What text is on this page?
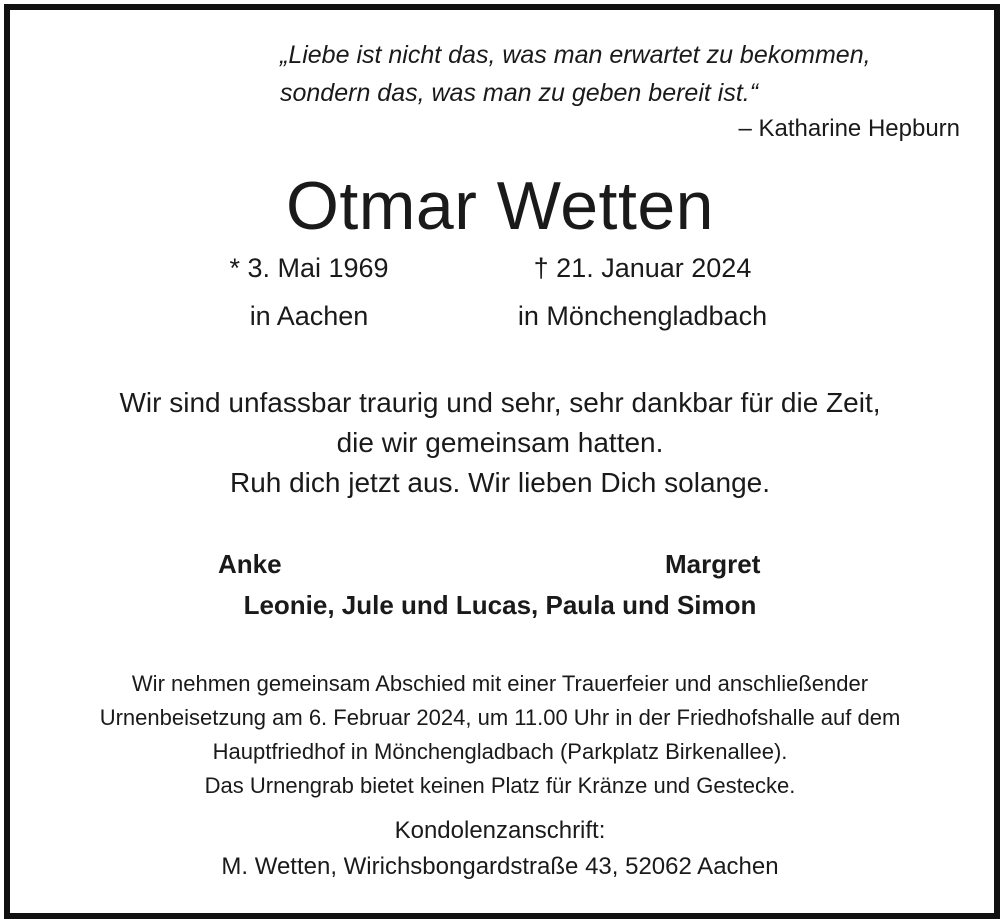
„Liebe ist nicht das, was man erwartet zu bekommen,
sondern das, was man zu geben bereit ist.“
– Katharine Hepburn
Otmar Wetten
* 3. Mai 1969
in Aachen
† 21. Januar 2024
in Mönchengladbach
Wir sind unfassbar traurig und sehr, sehr dankbar für die Zeit,
die wir gemeinsam hatten.
Ruh dich jetzt aus. Wir lieben Dich solange.
Anke	Margret
Leonie, Jule und Lucas, Paula und Simon
Wir nehmen gemeinsam Abschied mit einer Trauerfeier und anschließender
Urnenbeisetzung am 6. Februar 2024, um 11.00 Uhr in der Friedhofshalle auf dem
Hauptfriedhof in Mönchengladbach (Parkplatz Birkenallee).
Das Urnengrab bietet keinen Platz für Kränze und Gestecke.
Kondolenzanschrift:
M. Wetten, Wirichsbongardstraße 43, 52062 Aachen
